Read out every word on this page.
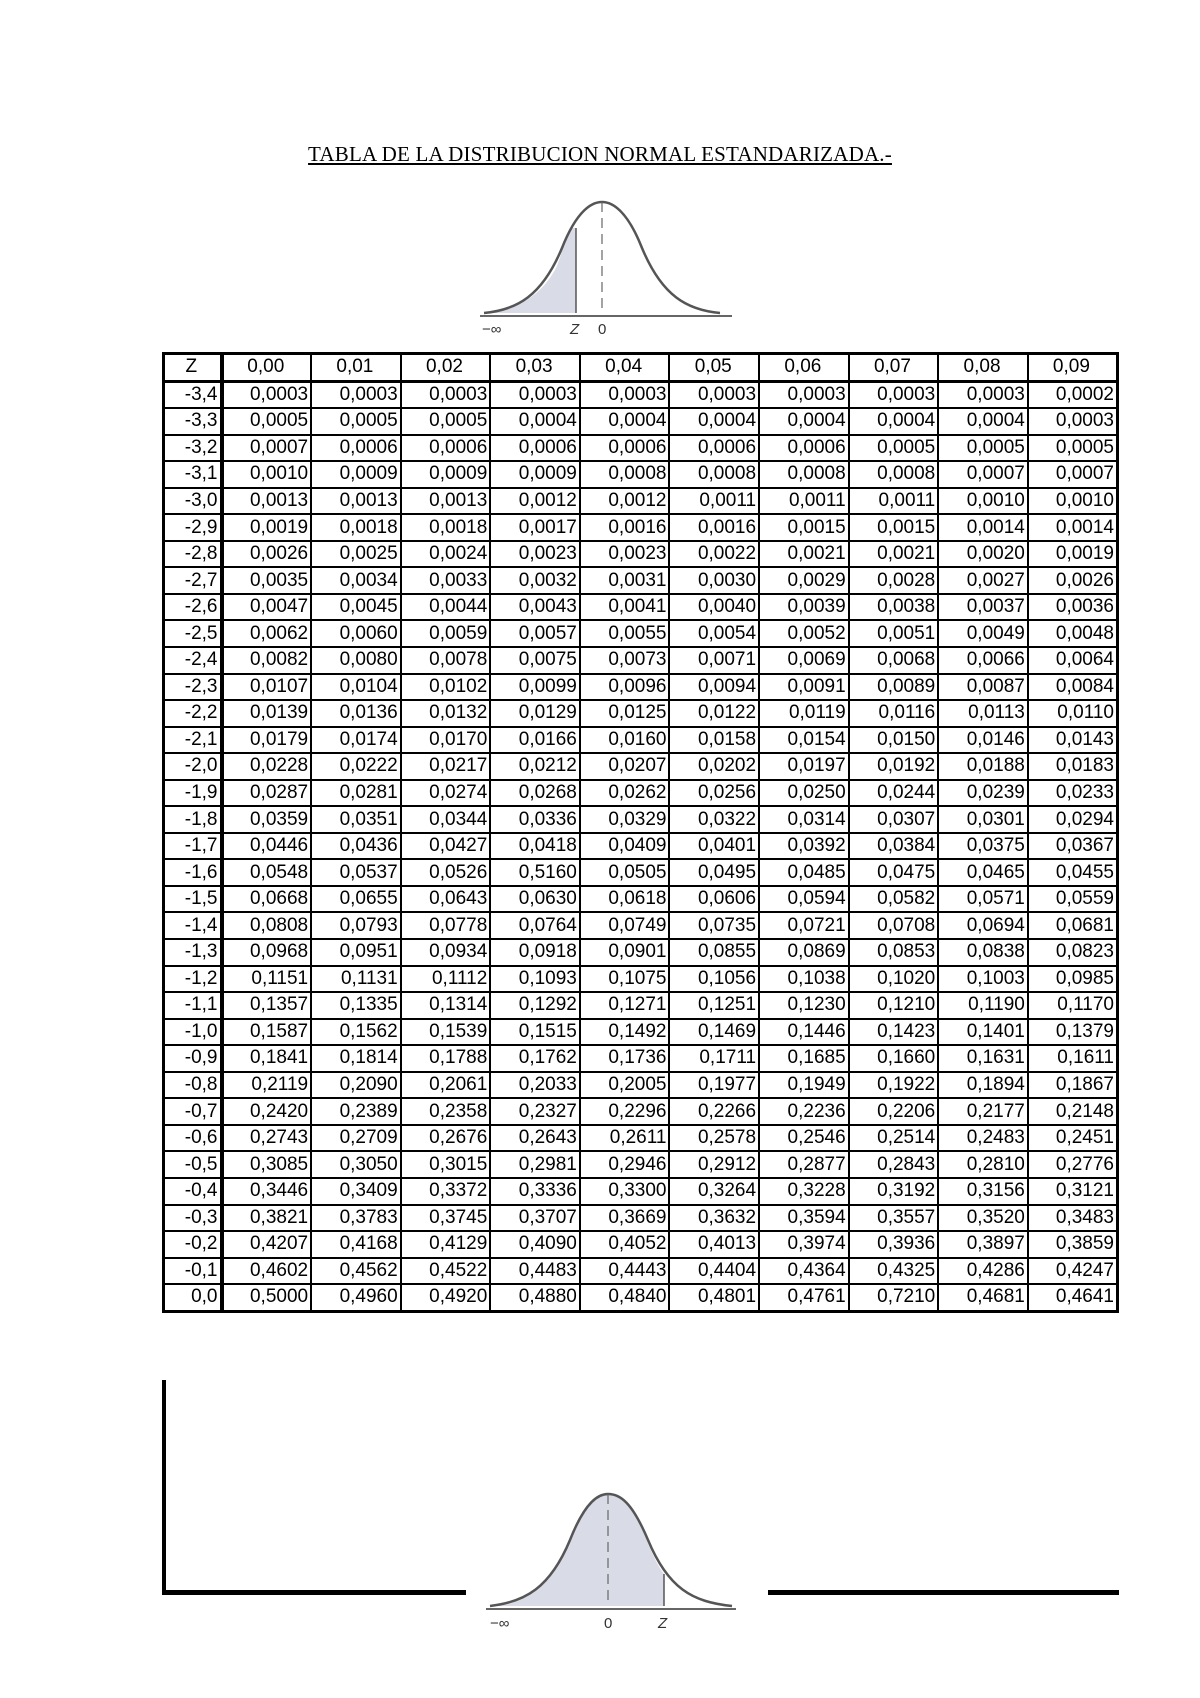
TABLA DE LA DISTRIBUCION NORMAL ESTANDARIZADA.-
−∞	Z 0
Z	0,00	0,01	0,02	0,03	0,04	0,05	0,06	0,07	0,08	0,09
-3,4	0,0003	0,0003	0,0003	0,0003	0,0003	0,0003	0,0003	0,0003	0,0003	0,0002
-3,3	0,0005	0,0005	0,0005	0,0004	0,0004	0,0004	0,0004	0,0004	0,0004	0,0003
-3,2	0,0007	0,0006	0,0006	0,0006	0,0006	0,0006	0,0006	0,0005	0,0005	0,0005
-3,1	0,0010	0,0009	0,0009	0,0009	0,0008	0,0008	0,0008	0,0008	0,0007	0,0007
-3,0	0,0013	0,0013	0,0013	0,0012	0,0012	0,0011	0,0011	0,0011	0,0010	0,0010
-2,9	0,0019	0,0018	0,0018	0,0017	0,0016	0,0016	0,0015	0,0015	0,0014	0,0014
-2,8	0,0026	0,0025	0,0024	0,0023	0,0023	0,0022	0,0021	0,0021	0,0020	0,0019
-2,7	0,0035	0,0034	0,0033	0,0032	0,0031	0,0030	0,0029	0,0028	0,0027	0,0026
-2,6	0,0047	0,0045	0,0044	0,0043	0,0041	0,0040	0,0039	0,0038	0,0037	0,0036
-2,5	0,0062	0,0060	0,0059	0,0057	0,0055	0,0054	0,0052	0,0051	0,0049	0,0048
-2,4	0,0082	0,0080	0,0078	0,0075	0,0073	0,0071	0,0069	0,0068	0,0066	0,0064
-2,3	0,0107	0,0104	0,0102	0,0099	0,0096	0,0094	0,0091	0,0089	0,0087	0,0084
-2,2	0,0139	0,0136	0,0132	0,0129	0,0125	0,0122	0,0119	0,0116	0,0113	0,0110
-2,1	0,0179	0,0174	0,0170	0,0166	0,0160	0,0158	0,0154	0,0150	0,0146	0,0143
-2,0	0,0228	0,0222	0,0217	0,0212	0,0207	0,0202	0,0197	0,0192	0,0188	0,0183
-1,9	0,0287	0,0281	0,0274	0,0268	0,0262	0,0256	0,0250	0,0244	0,0239	0,0233
-1,8	0,0359	0,0351	0,0344	0,0336	0,0329	0,0322	0,0314	0,0307	0,0301	0,0294
-1,7	0,0446	0,0436	0,0427	0,0418	0,0409	0,0401	0,0392	0,0384	0,0375	0,0367
-1,6	0,0548	0,0537	0,0526	0,5160	0,0505	0,0495	0,0485	0,0475	0,0465	0,0455
-1,5	0,0668	0,0655	0,0643	0,0630	0,0618	0,0606	0,0594	0,0582	0,0571	0,0559
-1,4	0,0808	0,0793	0,0778	0,0764	0,0749	0,0735	0,0721	0,0708	0,0694	0,0681
-1,3	0,0968	0,0951	0,0934	0,0918	0,0901	0,0855	0,0869	0,0853	0,0838	0,0823
-1,2	0,1151	0,1131	0,1112	0,1093	0,1075	0,1056	0,1038	0,1020	0,1003	0,0985
-1,1	0,1357	0,1335	0,1314	0,1292	0,1271	0,1251	0,1230	0,1210	0,1190	0,1170
-1,0	0,1587	0,1562	0,1539	0,1515	0,1492	0,1469	0,1446	0,1423	0,1401	0,1379
-0,9	0,1841	0,1814	0,1788	0,1762	0,1736	0,1711	0,1685	0,1660	0,1631	0,1611
-0,8	0,2119	0,2090	0,2061	0,2033	0,2005	0,1977	0,1949	0,1922	0,1894	0,1867
-0,7	0,2420	0,2389	0,2358	0,2327	0,2296	0,2266	0,2236	0,2206	0,2177	0,2148
-0,6	0,2743	0,2709	0,2676	0,2643	0,2611	0,2578	0,2546	0,2514	0,2483	0,2451
-0,5	0,3085	0,3050	0,3015	0,2981	0,2946	0,2912	0,2877	0,2843	0,2810	0,2776
-0,4	0,3446	0,3409	0,3372	0,3336	0,3300	0,3264	0,3228	0,3192	0,3156	0,3121
-0,3	0,3821	0,3783	0,3745	0,3707	0,3669	0,3632	0,3594	0,3557	0,3520	0,3483
-0,2	0,4207	0,4168	0,4129	0,4090	0,4052	0,4013	0,3974	0,3936	0,3897	0,3859
-0,1	0,4602	0,4562	0,4522	0,4483	0,4443	0,4404	0,4364	0,4325	0,4286	0,4247
0,0	0,5000	0,4960	0,4920	0,4880	0,4840	0,4801	0,4761	0,7210	0,4681	0,4641
−∞	0	Z
